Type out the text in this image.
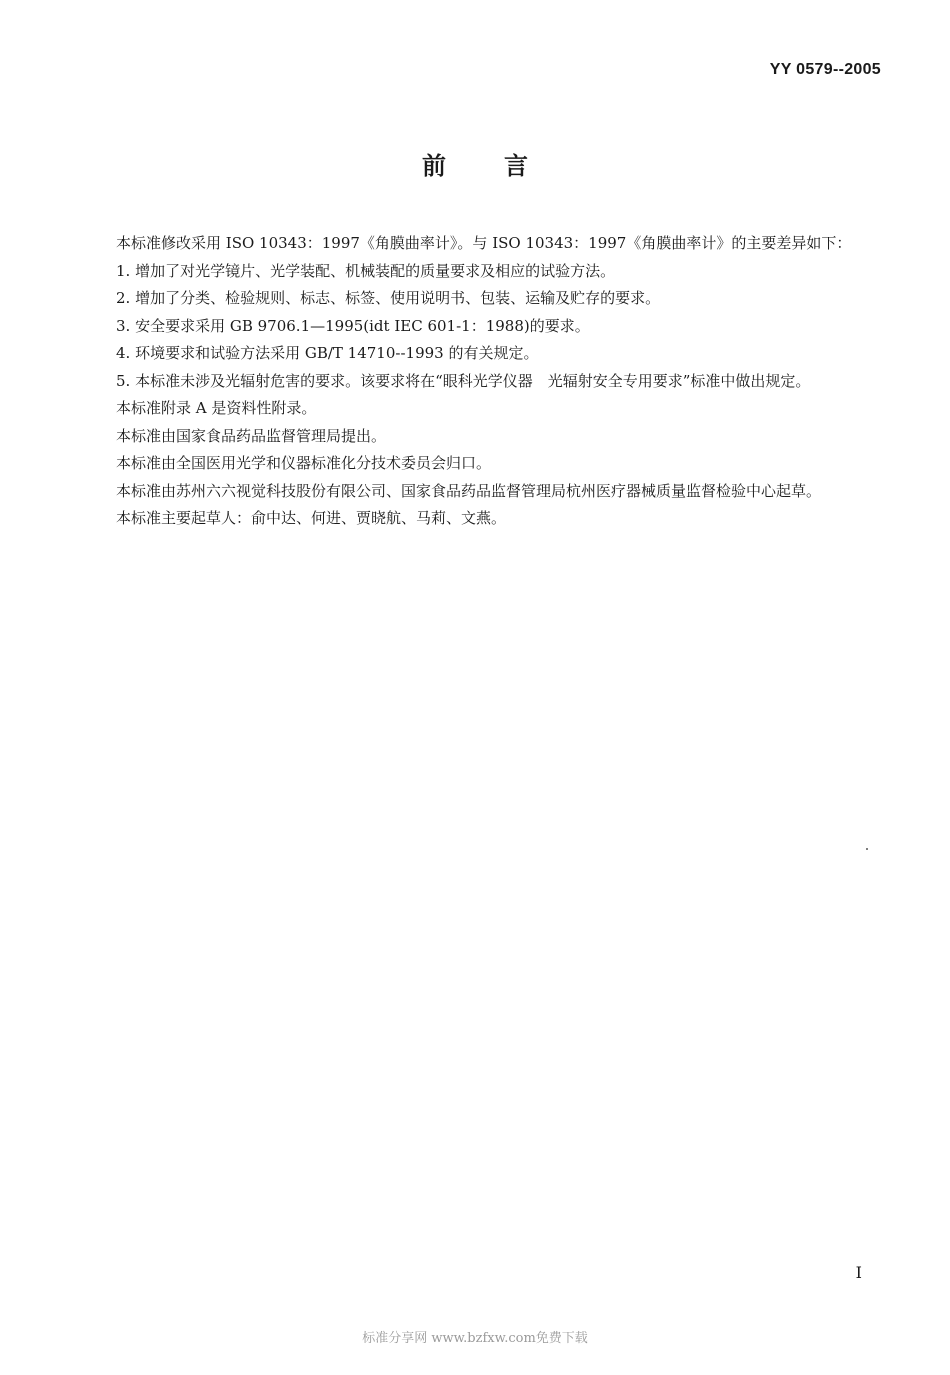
YY 0579--2005
前言

本标准修改采用 ISO 10343：1997《角膜曲率计》。与 ISO 10343：1997《角膜曲率计》的主要差异如下：

1. 增加了对光学镜片、光学装配、机械装配的质量要求及相应的试验方法。

2. 增加了分类、检验规则、标志、标签、使用说明书、包装、运输及贮存的要求。

3. 安全要求采用 GB 9706.1—1995(idt IEC 601-1：1988)的要求。

4. 环境要求和试验方法采用 GB/T 14710--1993 的有关规定。

5. 本标准未涉及光辐射危害的要求。该要求将在“眼科光学仪器　光辐射安全专用要求”标准中做出规定。

本标准附录 A 是资料性附录。

本标准由国家食品药品监督管理局提出。

本标准由全国医用光学和仪器标准化分技术委员会归口。

本标准由苏州六六视觉科技股份有限公司、国家食品药品监督管理局杭州医疗器械质量监督检验中心起草。

本标准主要起草人：俞中达、何进、贾晓航、马莉、文燕。

I
标准分享网 www.bzfxw.com免费下载
